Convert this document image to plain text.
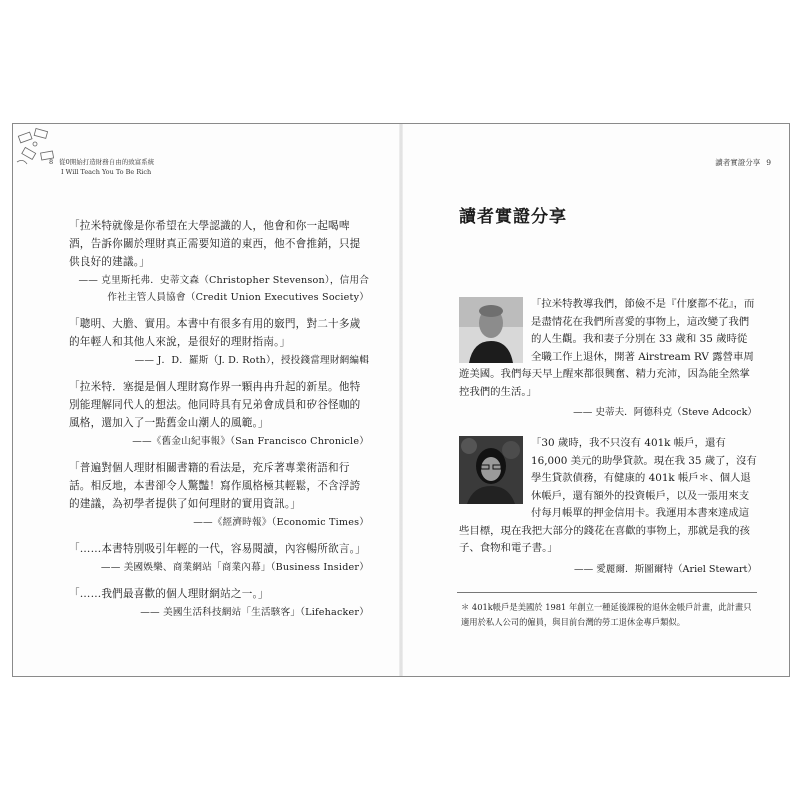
8 從0開始打造財務自由的致富系統
I Will Teach You To Be Rich

「拉米特就像是你希望在大學認識的人，他會和你一起喝啤酒，告訴你關於理財真正需要知道的東西，他不會推銷，只提供良好的建議。」

—— 克里斯托弗．史蒂文森（Christopher Stevenson），信用合作社主管人員協會（Credit Union Executives Society）

「聰明、大膽、實用。本書中有很多有用的竅門，對二十多歲的年輕人和其他人來說，是很好的理財指南。」

—— J．D．羅斯（J. D. Roth），授投錢當理財網編輯

「拉米特．塞提是個人理財寫作界一顆冉冉升起的新星。他特別能理解同代人的想法。他同時具有兄弟會成員和矽谷怪咖的風格，還加入了一點舊金山潮人的風範。」

——《舊金山紀事報》（San Francisco Chronicle）

「普遍對個人理財相關書籍的看法是，充斥著專業術語和行話。相反地，本書卻令人驚豔！寫作風格極其輕鬆，不含浮誇的建議，為初學者提供了如何理財的實用資訊。」

——《經濟時報》（Economic Times）

「……本書特別吸引年輕的一代，容易閱讀，內容暢所欲言。」

—— 美國娛樂、商業網站「商業內幕」（Business Insider）

「……我們最喜歡的個人理財網站之一。」

—— 美國生活科技網站「生活駭客」（Lifehacker）
讀者實證分享 9
讀者實證分享

「拉米特教導我們，節儉不是『什麼都不花』，而是盡情花在我們所喜愛的事物上，這改變了我們的人生觀。我和妻子分別在 33 歲和 35 歲時從全職工作上退休，開著 Airstream RV 露營車周遊美國。我們每天早上醒來都很興奮、精力充沛，因為能全然掌控我們的生活。」

—— 史蒂夫．阿德科克（Steve Adcock）

「30 歲時，我不只沒有 401k 帳戶，還有16,000 美元的助學貸款。現在我 35 歲了，沒有學生貸款債務，有健康的 401k 帳戶＊、個人退休帳戶，還有額外的投資帳戶，以及一張用來支付每月帳單的押金信用卡。我運用本書來達成這些目標，現在我把大部分的錢花在喜歡的事物上，那就是我的孩子、食物和電子書。」

—— 愛麗爾．斯圖爾特（Ariel Stewart）
＊ 401k帳戶是美國於 1981 年創立一種延後課稅的退休金帳戶計畫，此計畫只適用於私人公司的僱員，與目前台灣的勞工退休金專戶類似。
